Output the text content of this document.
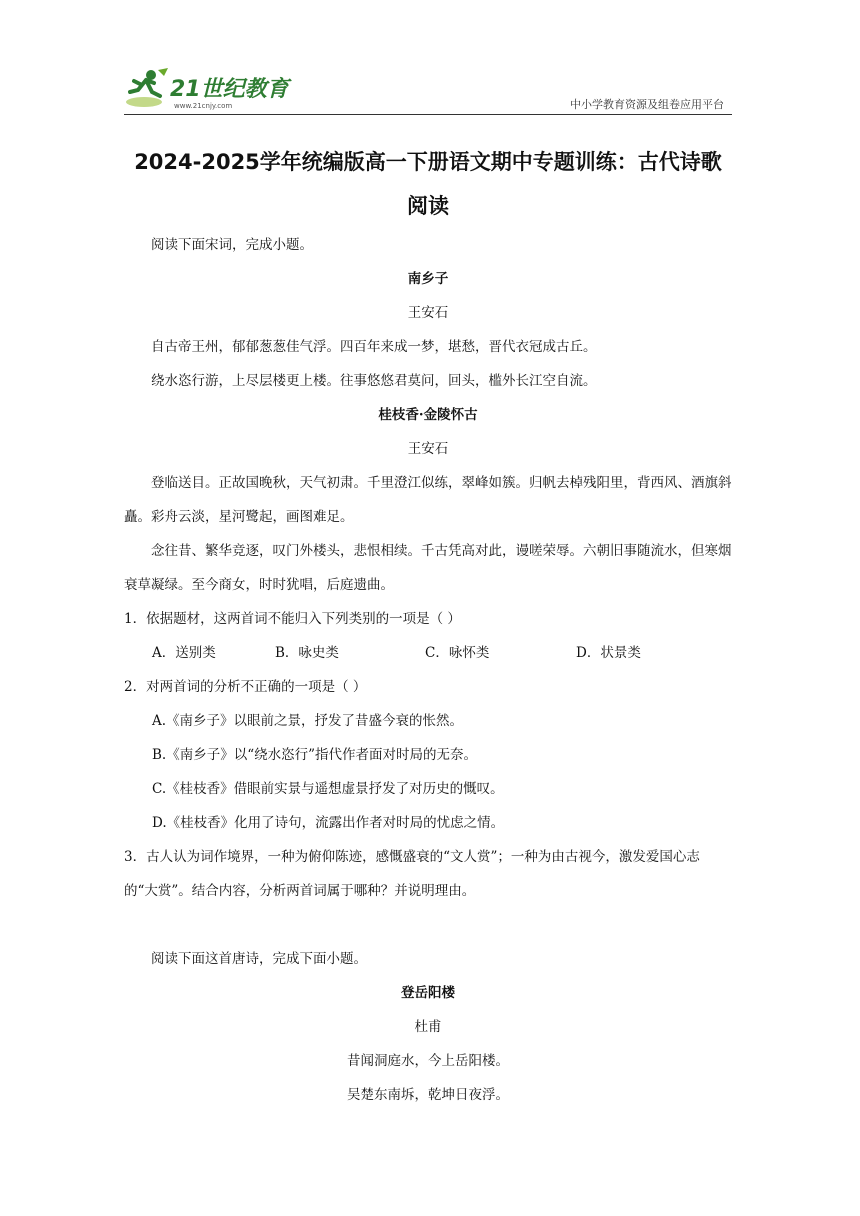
21世纪教育
www.21cnjy.com	中小学教育资源及组卷应用平台
2024-2025学年统编版高一下册语文期中专题训练：古代诗歌阅读

阅读下面宋词，完成小题。

南乡子

王安石

自古帝王州，郁郁葱葱佳气浮。四百年来成一梦，堪愁，晋代衣冠成古丘。

绕水恣行游，上尽层楼更上楼。往事悠悠君莫问，回头，槛外长江空自流。

桂枝香·金陵怀古

王安石

登临送目。正故国晚秋，天气初肃。千里澄江似练，翠峰如簇。归帆去棹残阳里，背西风、酒旗斜矗。彩舟云淡，星河鹭起，画图难足。

念往昔、繁华竞逐，叹门外楼头，悲恨相续。千古凭高对此，谩嗟荣辱。六朝旧事随流水，但寒烟衰草凝绿。至今商女，时时犹唱，后庭遗曲。

1．依据题材，这两首词不能归入下列类别的一项是（ ）

A．送别类	B．咏史类	C．咏怀类	D．状景类

2．对两首词的分析不正确的一项是（ ）

A.《南乡子》以眼前之景，抒发了昔盛今衰的怅然。

B.《南乡子》以“绕水恣行”指代作者面对时局的无奈。

C.《桂枝香》借眼前实景与遥想虚景抒发了对历史的慨叹。

D.《桂枝香》化用了诗句，流露出作者对时局的忧虑之情。

3．古人认为词作境界，一种为俯仰陈迹，感慨盛衰的“文人赏”；一种为由古视今，激发爱国心志的“大赏”。结合内容，分析两首词属于哪种？并说明理由。

阅读下面这首唐诗，完成下面小题。

登岳阳楼

杜甫

昔闻洞庭水，今上岳阳楼。

吴楚东南坼，乾坤日夜浮。
